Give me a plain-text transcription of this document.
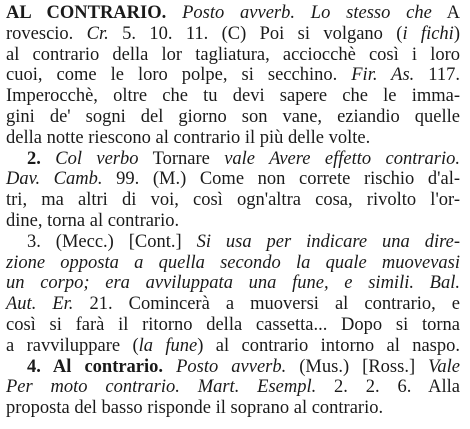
AL CONTRARIO. Posto avverb. Lo stesso che A
rovescio. Cr. 5. 10. 11. (C) Poi si volgano (i fichi)
al contrario della lor tagliatura, acciocchè così i loro
cuoi, come le loro polpe, si secchino. Fir. As. 117.
Imperocchè, oltre che tu devi sapere che le imma-
gini de' sogni del giorno son vane, eziandio quelle
della notte riescono al contrario il più delle volte.
2. Col verbo Tornare vale Avere effetto contrario.
Dav. Camb. 99. (M.) Come non correte rischio d'al-
tri, ma altri di voi, così ogn'altra cosa, rivolto l'or-
dine, torna al contrario.
3. (Mecc.) [Cont.] Si usa per indicare una dire-
zione opposta a quella secondo la quale muovevasi
un corpo; era avviluppata una fune, e simili. Bal.
Aut. Er. 21. Comincerà a muoversi al contrario, e
così si farà il ritorno della cassetta... Dopo si torna
a ravviluppare (la fune) al contrario intorno al naspo.
4. Al contrario. Posto avverb. (Mus.) [Ross.] Vale
Per moto contrario. Mart. Esempl. 2. 2. 6. Alla
proposta del basso risponde il soprano al contrario.
